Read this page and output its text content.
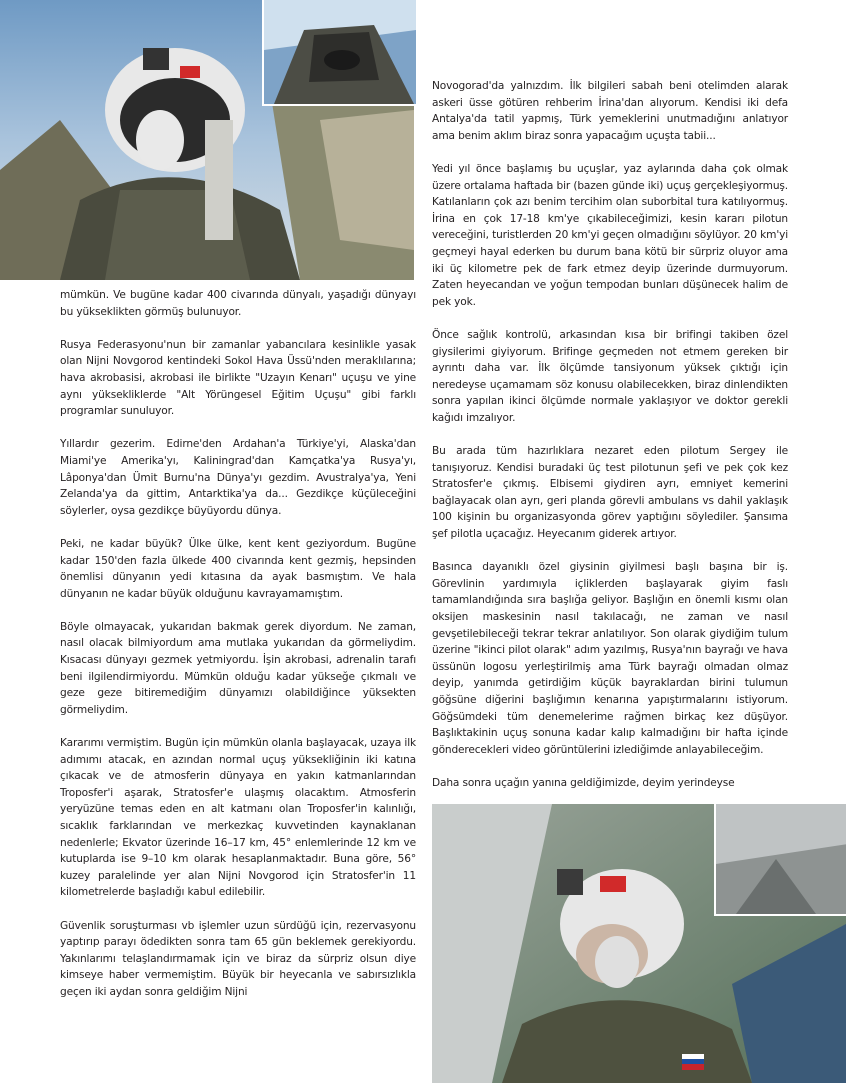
mümkün. Ve bugüne kadar 400 civarında dünyalı, yaşadığı dünyayı bu yükseklikten görmüş bulunuyor.

Rusya Federasyonu'nun bir zamanlar yabancılara kesinlikle yasak olan Nijni Novgorod kentindeki Sokol Hava Üssü'nden meraklılarına; hava akrobasisi, akrobasi ile birlikte "Uzayın Kenarı" uçuşu ve yine aynı yüksekliklerde "Alt Yörüngesel Eğitim Uçuşu" gibi farklı programlar sunuluyor.

Yıllardır gezerim. Edirne'den Ardahan'a Türkiye'yi, Alaska'dan Miami'ye Amerika'yı, Kaliningrad'dan Kamçatka'ya Rusya'yı, Lâponya'dan Ümit Burnu'na Dünya'yı gezdim. Avustralya'ya, Yeni Zelanda'ya da gittim, Antarktika'ya da... Gezdikçe küçüleceğini söylerler, oysa gezdikçe büyüyordu dünya.

Peki, ne kadar büyük? Ülke ülke, kent kent geziyordum. Bugüne kadar 150'den fazla ülkede 400 civarında kent gezmiş, hepsinden önemlisi dünyanın yedi kıtasına da ayak basmıştım. Ve hala dünyanın ne kadar büyük olduğunu kavrayamamıştım.

Böyle olmayacak, yukarıdan bakmak gerek diyordum. Ne zaman, nasıl olacak bilmiyordum ama mutlaka yukarıdan da görmeliydim. Kısacası dünyayı gezmek yetmiyordu. İşin akrobasi, adrenalin tarafı beni ilgilendirmiyordu. Mümkün olduğu kadar yükseğe çıkmalı ve geze geze bitiremediğim dünyamızı olabildiğince yüksekten görmeliydim.

Kararımı vermiştim. Bugün için mümkün olanla başlayacak, uzaya ilk adımımı atacak, en azından normal uçuş yüksekliğinin iki katına çıkacak ve de atmosferin dünyaya en yakın katmanlarından Troposfer'i aşarak, Stratosfer'e ulaşmış olacaktım. Atmosferin yeryüzüne temas eden en alt katmanı olan Troposfer'in kalınlığı, sıcaklık farklarından ve merkezkaç kuvvetinden kaynaklanan nedenlerle; Ekvator üzerinde 16–17 km, 45° enlemlerinde 12 km ve kutuplarda ise 9–10 km olarak hesaplanmaktadır. Buna göre, 56° kuzey paralelinde yer alan Nijni Novgorod için Stratosfer'in 11 kilometrelerde başladığı kabul edilebilir.

Güvenlik soruşturması vb işlemler uzun sürdüğü için, rezervasyonu yaptırıp parayı ödedikten sonra tam 65 gün beklemek gerekiyordu. Yakınlarımı telaşlandırmamak için ve biraz da sürpriz olsun diye kimseye haber vermemiştim. Büyük bir heyecanla ve sabırsızlıkla geçen iki aydan sonra geldiğim Nijni

Novogorad'da yalnızdım. İlk bilgileri sabah beni otelimden alarak askeri üsse götüren rehberim İrina'dan alıyorum. Kendisi iki defa Antalya'da tatil yapmış, Türk yemeklerini unutmadığını anlatıyor ama benim aklım biraz sonra yapacağım uçuşta tabii...

Yedi yıl önce başlamış bu uçuşlar, yaz aylarında daha çok olmak üzere ortalama haftada bir (bazen günde iki) uçuş gerçekleşiyormuş. Katılanların çok azı benim tercihim olan suborbital tura katılıyormuş. İrina en çok 17-18 km'ye çıkabileceğimizi, kesin kararı pilotun vereceğini, turistlerden 20 km'yi geçen olmadığını söylüyor. 20 km'yi geçmeyi hayal ederken bu durum bana kötü bir sürpriz oluyor ama iki üç kilometre pek de fark etmez deyip üzerinde durmuyorum. Zaten heyecandan ve yoğun tempodan bunları düşünecek halim de pek yok.

Önce sağlık kontrolü, arkasından kısa bir brifingi takiben özel giysilerimi giyiyorum. Brifinge geçmeden not etmem gereken bir ayrıntı daha var. İlk ölçümde tansiyonum yüksek çıktığı için neredeyse uçamamam söz konusu olabilecekken, biraz dinlendikten sonra yapılan ikinci ölçümde normale yaklaşıyor ve doktor gerekli kağıdı imzalıyor.

Bu arada tüm hazırlıklara nezaret eden pilotum Sergey ile tanışıyoruz. Kendisi buradaki üç test pilotunun şefi ve pek çok kez Stratosfer'e çıkmış. Elbisemi giydiren ayrı, emniyet kemerini bağlayacak olan ayrı, geri planda görevli ambulans vs dahil yaklaşık 100 kişinin bu organizasyonda görev yaptığını söylediler. Şansıma şef pilotla uçacağız. Heyecanım giderek artıyor.

Basınca dayanıklı özel giysinin giyilmesi başlı başına bir iş. Görevlinin yardımıyla içliklerden başlayarak giyim faslı tamamlandığında sıra başlığa geliyor. Başlığın en önemli kısmı olan oksijen maskesinin nasıl takılacağı, ne zaman ve nasıl gevşetilebileceği tekrar tekrar anlatılıyor. Son olarak giydiğim tulum üzerine "ikinci pilot olarak" adım yazılmış, Rusya'nın bayrağı ve hava üssünün logosu yerleştirilmiş ama Türk bayrağı olmadan olmaz deyip, yanımda getirdiğim küçük bayraklardan birini tulumun göğsüne diğerini başlığımın kenarına yapıştırmalarını istiyorum. Göğsümdeki tüm denemelerime rağmen birkaç kez düşüyor. Başlıktakinin uçuş sonuna kadar kalıp kalmadığını bir hafta içinde gönderecekleri video görüntülerini izlediğimde anlayabileceğim.

Daha sonra uçağın yanına geldiğimizde, deyim yerindeyse
